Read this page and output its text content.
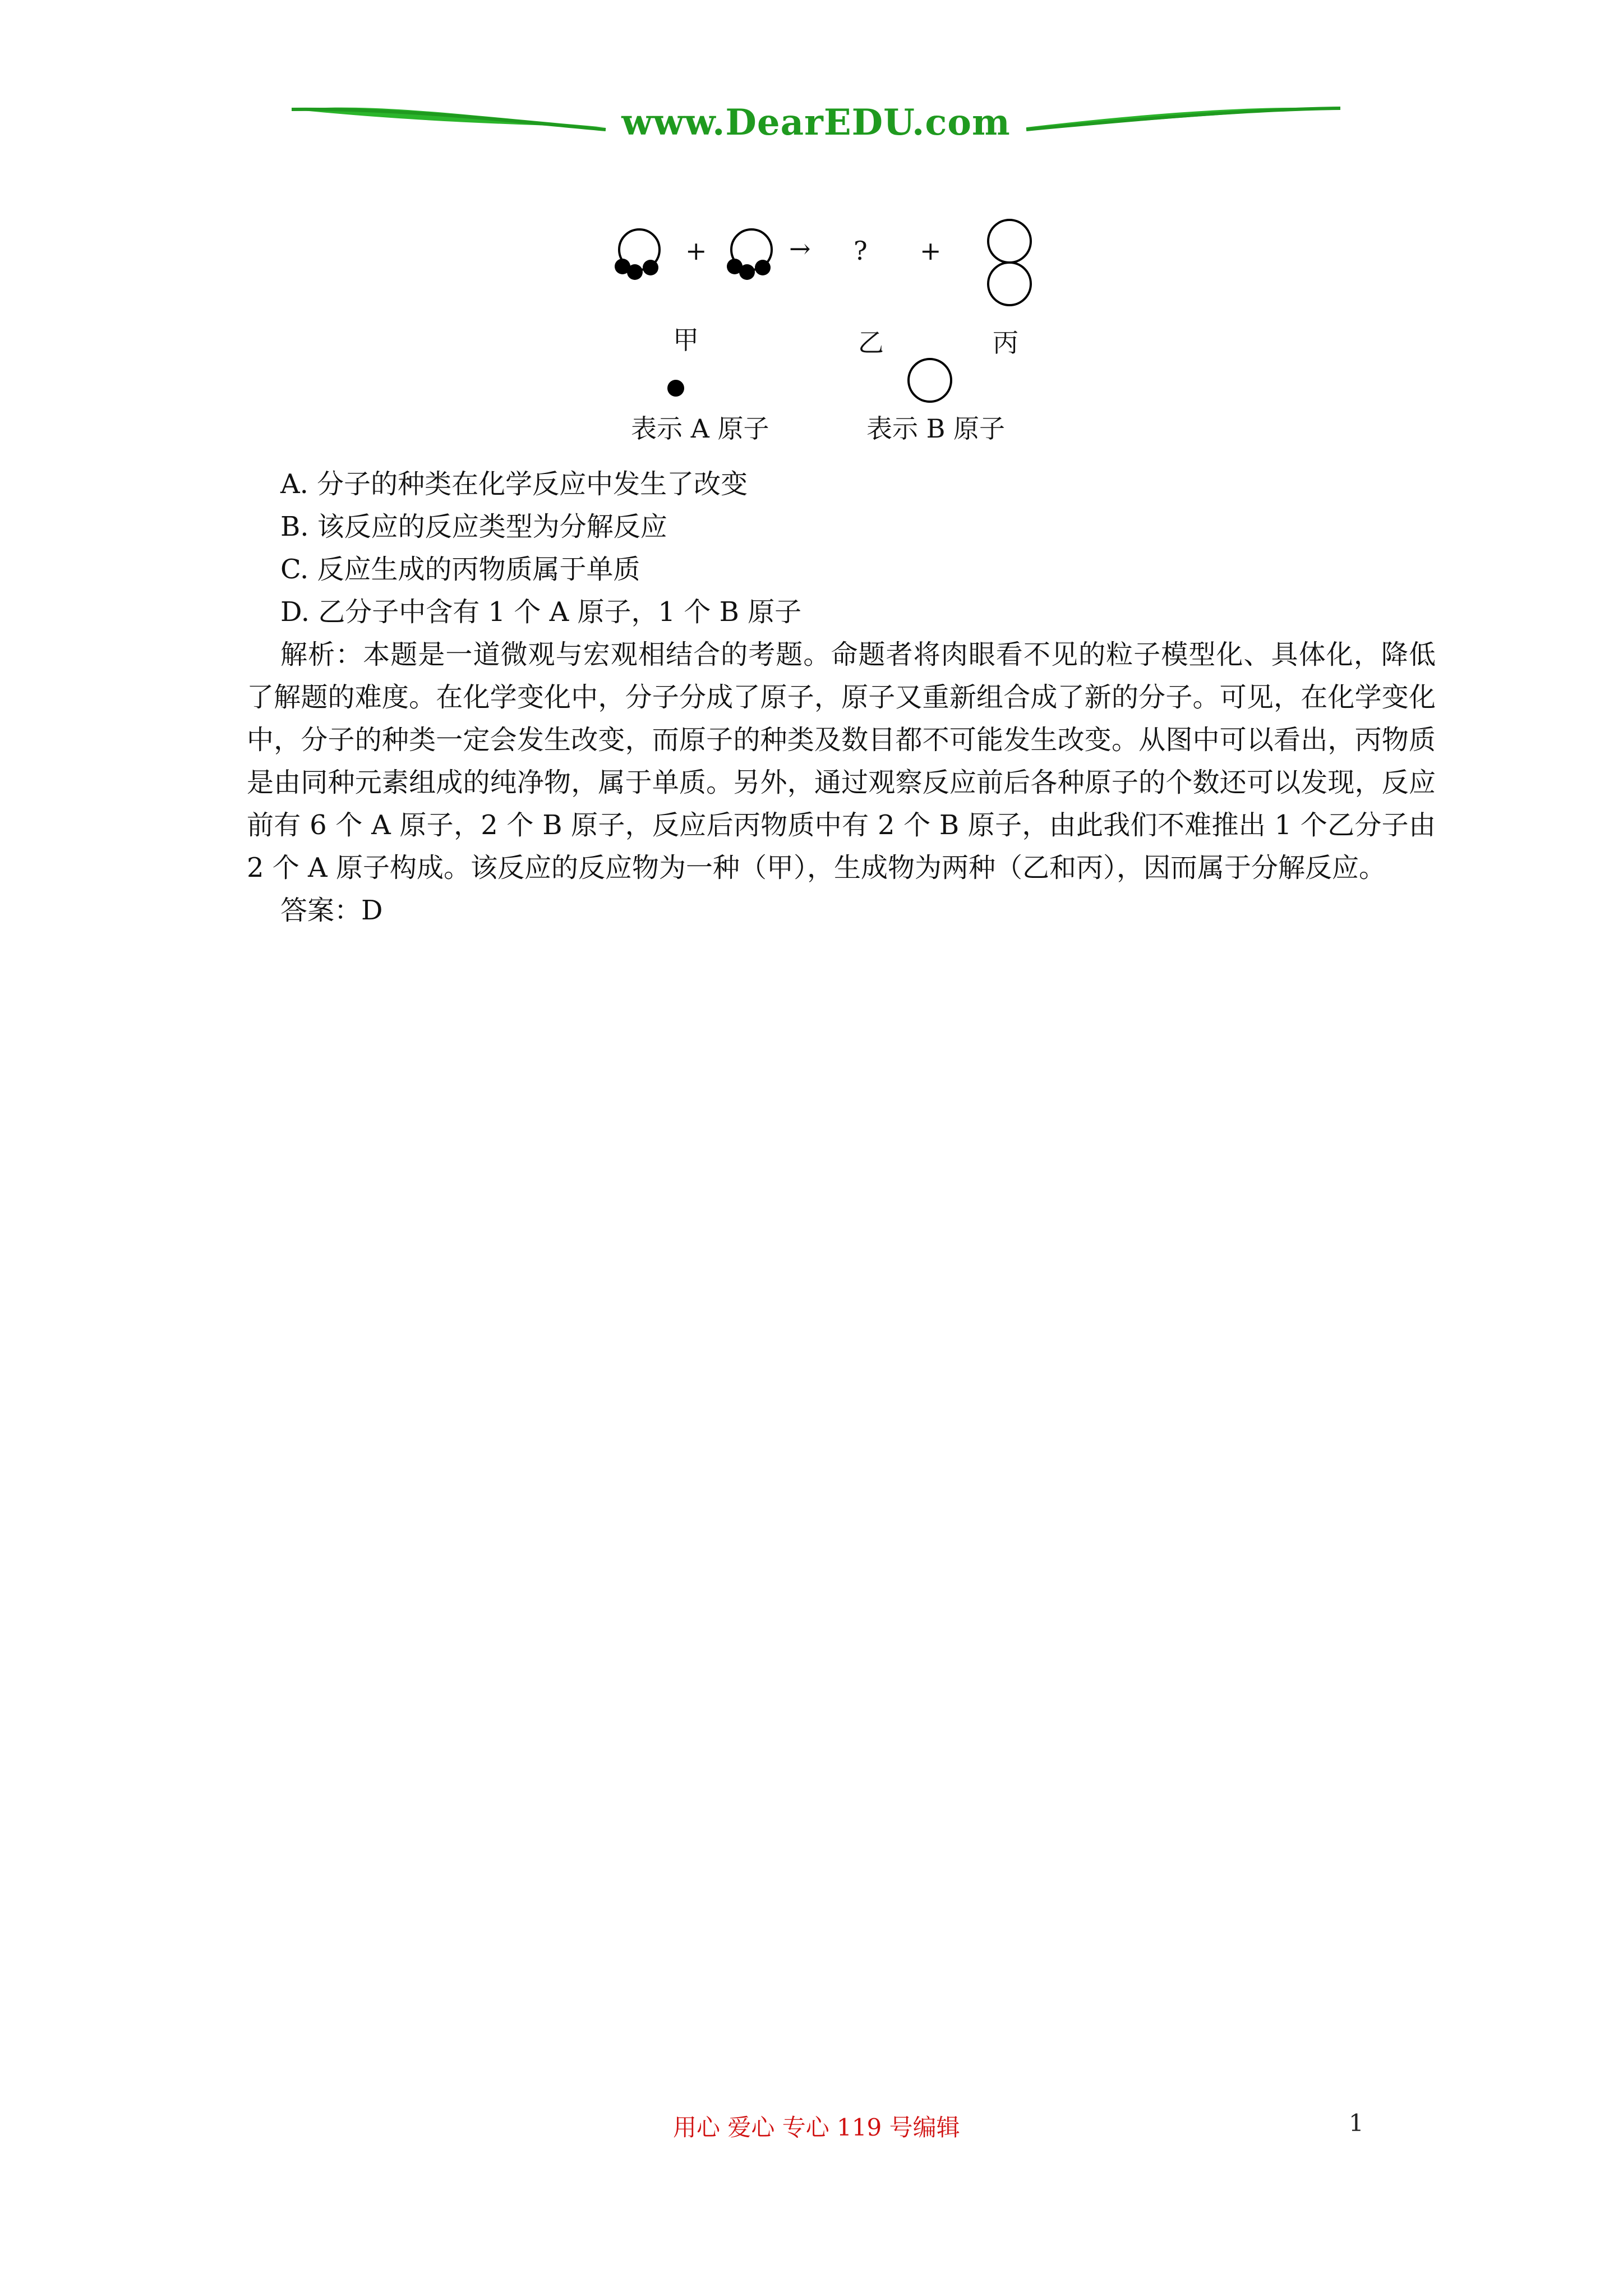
www.DearEDU.com
+	→ ? +
甲	乙	丙
表示 A 原子	表示 B 原子
A. 分子的种类在化学反应中发生了改变
B. 该反应的反应类型为分解反应
C. 反应生成的丙物质属于单质
D. 乙分子中含有 1 个 A 原子，1 个 B 原子
解析：本题是一道微观与宏观相结合的考题。命题者将肉眼看不见的粒子模型化、具体化，降低了解题的难度。在化学变化中，分子分成了原子，原子又重新组合成了新的分子。可见，在化学变化中，分子的种类一定会发生改变，而原子的种类及数目都不可能发生改变。从图中可以看出，丙物质是由同种元素组成的纯净物，属于单质。另外，通过观察反应前后各种原子的个数还可以发现，反应前有 6 个 A 原子，2 个 B 原子，反应后丙物质中有 2 个 B 原子，由此我们不难推出 1 个乙分子由 2 个 A 原子构成。该反应的反应物为一种（甲），生成物为两种（乙和丙），因而属于分解反应。
答案：D
用心 爱心 专心 119 号编辑	1
